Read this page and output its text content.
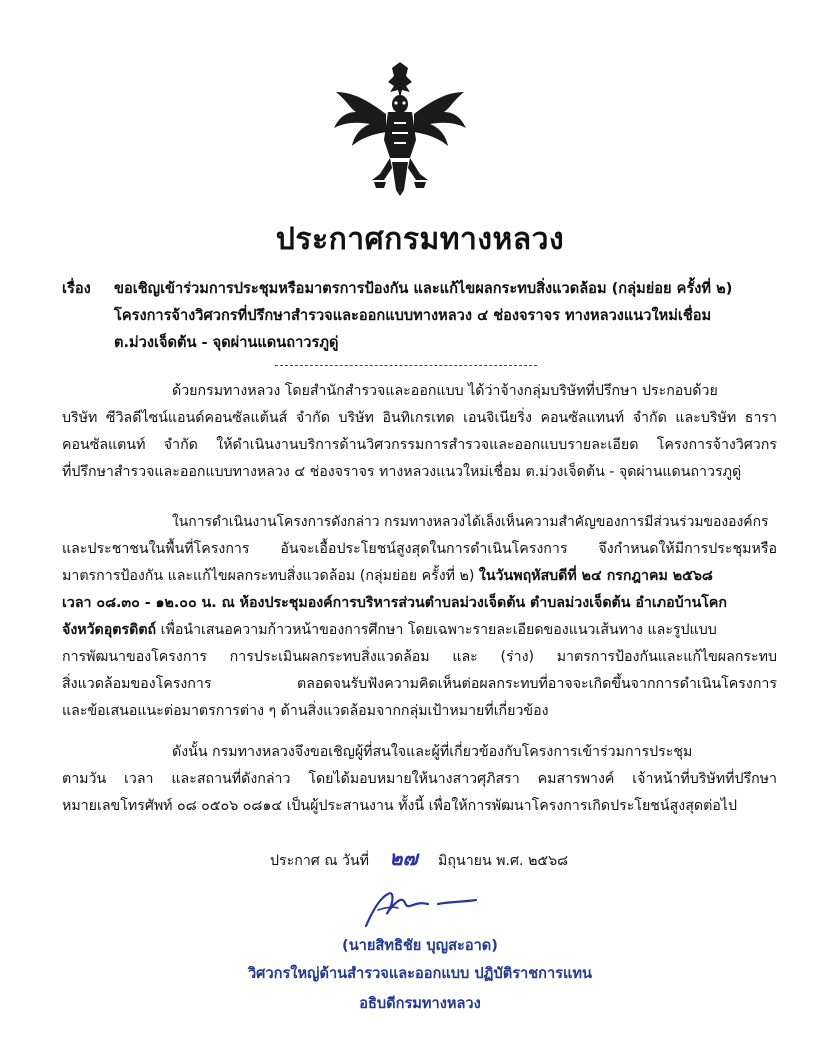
ประกาศกรมทางหลวง
เรื่อง ขอเชิญเข้าร่วมการประชุมหรือมาตรการป้องกัน และแก้ไขผลกระทบสิ่งแวดล้อม (กลุ่มย่อย ครั้งที่ ๒)
โครงการจ้างวิศวกรที่ปรึกษาสำรวจและออกแบบทางหลวง ๔ ช่องจราจร ทางหลวงแนวใหม่เชื่อม
ต.ม่วงเจ็ดต้น - จุดผ่านแดนถาวรภูดู่
ด้วยกรมทางหลวง โดยสำนักสำรวจและออกแบบ ได้ว่าจ้างกลุ่มบริษัทที่ปรึกษา ประกอบด้วย
บริษัท ซีวิลดีไซน์แอนด์คอนซัลแต้นส์ จำกัด บริษัท อินทิเกรเทด เอนจิเนียริ่ง คอนซัลแทนท์ จำกัด และบริษัท ธารา
คอนซัลแตนท์ จำกัด ให้ดำเนินงานบริการด้านวิศวกรรมการสำรวจและออกแบบรายละเอียด โครงการจ้างวิศวกร
ที่ปรึกษาสำรวจและออกแบบทางหลวง ๔ ช่องจราจร ทางหลวงแนวใหม่เชื่อม ต.ม่วงเจ็ดต้น - จุดผ่านแดนถาวรภูดู่
ในการดำเนินงานโครงการดังกล่าว กรมทางหลวงได้เล็งเห็นความสำคัญของการมีส่วนร่วมขององค์กร
และประชาชนในพื้นที่โครงการ อันจะเอื้อประโยชน์สูงสุดในการดำเนินโครงการ จึงกำหนดให้มีการประชุมหรือ
มาตรการป้องกัน และแก้ไขผลกระทบสิ่งแวดล้อม (กลุ่มย่อย ครั้งที่ ๒) ในวันพฤหัสบดีที่ ๒๔ กรกฎาคม ๒๕๖๘
เวลา ๐๘.๓๐ - ๑๒.๐๐ น. ณ ห้องประชุมองค์การบริหารส่วนตำบลม่วงเจ็ดต้น ตำบลม่วงเจ็ดต้น อำเภอบ้านโคก
จังหวัดอุตรดิตถ์ เพื่อนำเสนอความก้าวหน้าของการศึกษา โดยเฉพาะรายละเอียดของแนวเส้นทาง และรูปแบบ
การพัฒนาของโครงการ การประเมินผลกระทบสิ่งแวดล้อม และ (ร่าง) มาตรการป้องกันและแก้ไขผลกระทบ
สิ่งแวดล้อมของโครงการ ตลอดจนรับฟังความคิดเห็นต่อผลกระทบที่อาจจะเกิดขึ้นจากการดำเนินโครงการ
และข้อเสนอแนะต่อมาตรการต่าง ๆ ด้านสิ่งแวดล้อมจากกลุ่มเป้าหมายที่เกี่ยวข้อง
ดังนั้น กรมทางหลวงจึงขอเชิญผู้ที่สนใจและผู้ที่เกี่ยวข้องกับโครงการเข้าร่วมการประชุม
ตามวัน เวลา และสถานที่ดังกล่าว โดยได้มอบหมายให้นางสาวศุภิสรา คมสารพางค์ เจ้าหน้าที่บริษัทที่ปรึกษา
หมายเลขโทรศัพท์ ๐๘ ๐๕๐๖ ๐๘๑๔ เป็นผู้ประสานงาน ทั้งนี้ เพื่อให้การพัฒนาโครงการเกิดประโยชน์สูงสุดต่อไป
ประกาศ ณ วันที่ ๒๗ มิถุนายน พ.ศ. ๒๕๖๘
(นายสิทธิชัย บุญสะอาด)
วิศวกรใหญ่ด้านสำรวจและออกแบบ ปฏิบัติราชการแทน
อธิบดีกรมทางหลวง
